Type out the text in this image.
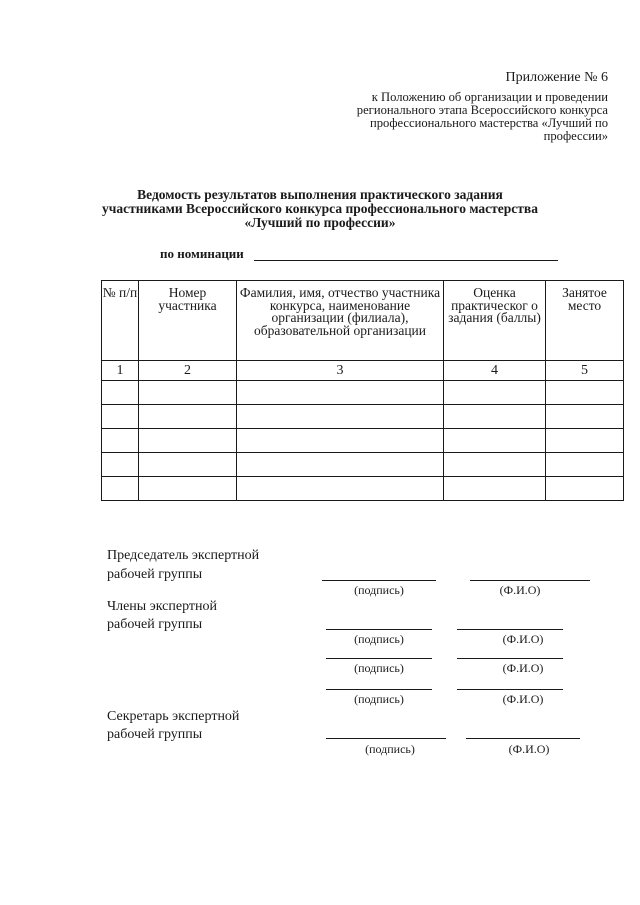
Приложение № 6
к Положению об организации и проведении регионального этапа Всероссийского конкурса профессионального мастерства «Лучший по профессии»
Ведомость результатов выполнения практического задания
участниками Всероссийского конкурса профессионального мастерства
«Лучший по профессии»
по номинации
№ п/п	Номер участника	Фамилия, имя, отчество участника конкурса, наименование организации (филиала), образовательной организации	Оценка практическог о задания (баллы)	Занятое место
1	2	3	4	5

Председатель экспертной
рабочей группы
(подпись)	(Ф.И.О)
Члены экспертной
рабочей группы
(подпись)	(Ф.И.О)
(подпись)	(Ф.И.О)
(подпись)	(Ф.И.О)
Секретарь экспертной
рабочей группы
(подпись)	(Ф.И.О)
